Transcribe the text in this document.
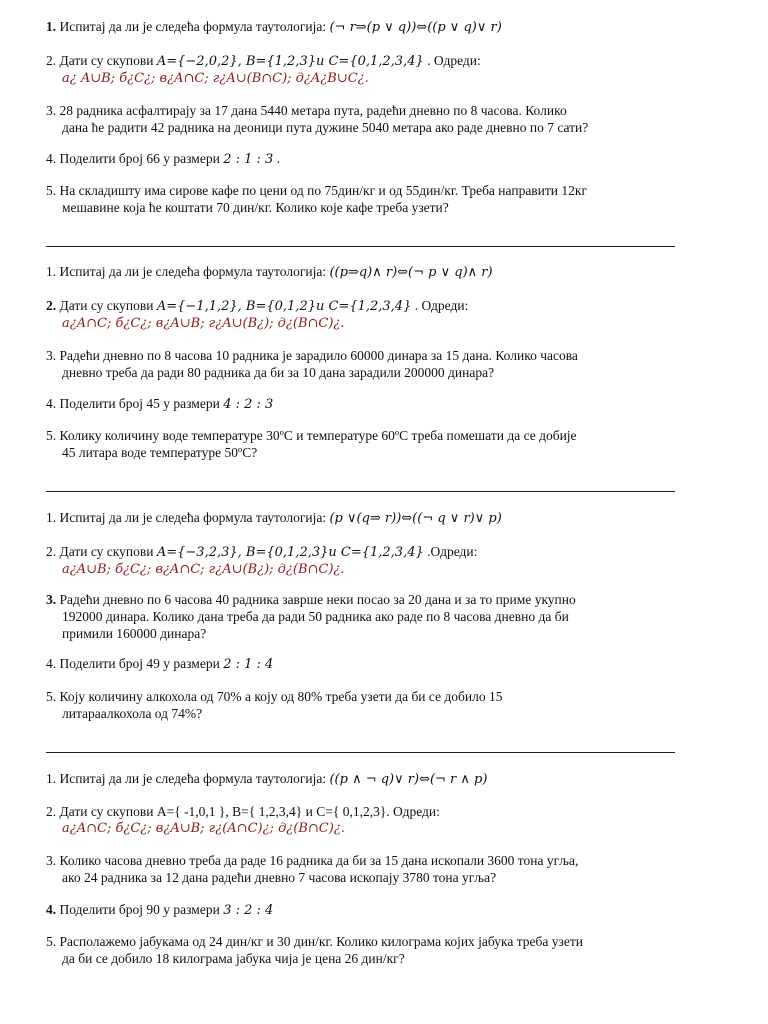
1. Испитај да ли је следећа формула таутологија: (¬ r⇒(p ∨ q))⇔((p ∨ q)∨ r)
2. Дати су скупови A={−2,0,2}, B={1,2,3}и C={0,1,2,3,4} . Одреди:
a¿ A∪B; б¿C¿; в¿A∩C; г¿A∪(B∩C); д¿A¿B∪C¿.
3. 28 радника асфалтирају за 17 дана 5440 метара пута, радећи дневно по 8 часова. Колико
дана ће радити 42 радника на деоници пута дужине 5040 метара ако раде дневно по 7 сати?
4. Поделити број 66 у размери 2 : 1 : 3 .
5. На складишту има сирове кафе по цени од по 75дин/кг и од 55дин/кг. Треба направити 12кг
мешавине која ће коштати 70 дин/кг. Колико које кафе треба узети?
1. Испитај да ли је следећа формула таутологија: ((p⇒q)∧ r)⇔(¬ p ∨ q)∧ r)
2. Дати су скупови A={−1,1,2}, B={0,1,2}и C={1,2,3,4} . Одреди:
a¿A∩C; б¿C¿; в¿A∪B; г¿A∪(B¿); д¿(B∩C)¿.
3. Радећи дневно по 8 часова 10 радника је зарадило 60000 динара за 15 дана. Колико часова
дневно треба да ради 80 радника да би за 10 дана зарадили 200000 динара?
4. Поделити број 45 у размери 4 : 2 : 3
5. Колику количину воде температуре 30ºC и температуре 60ºC треба помешати да се добије
45 литара воде температуре 50ºC?
1. Испитај да ли је следећа формула таутологија: (p ∨(q⇒ r))⇔((¬ q ∨ r)∨ p)
2. Дати су скупови A={−3,2,3}, B={0,1,2,3}и C={1,2,3,4} .Одреди:
a¿A∪B; б¿C¿; в¿A∩C; г¿A∪(B¿); д¿(B∩C)¿.
3. Радећи дневно по 6 часова 40 радника заврше неки посао за 20 дана и за то приме укупно
192000 динара. Колико дана треба да ради 50 радника ако раде по 8 часова дневно да би
примили 160000 динара?
4. Поделити број 49 у размери 2 : 1 : 4
5. Коју количину алкохола од 70% а коју од 80% треба узети да би се добило 15
литараалкохола од 74%?
1. Испитај да ли је следећа формула таутологија: ((p ∧ ¬ q)∨ r)⇔(¬ r ∧ p)
2. Дати су скупови А={ -1,0,1 }, В={ 1,2,3,4} и С={ 0,1,2,3}. Одреди:
a¿A∩C; б¿C¿; в¿A∪B; г¿(A∩C)¿; д¿(B∩C)¿.
3. Колико часова дневно треба да раде 16 радника да би за 15 дана ископали 3600 тона угља,
ако 24 радника за 12 дана радећи дневно 7 часова ископају 3780 тона угља?
4. Поделити број 90 у размери 3 : 2 : 4
5. Располажемо јабукама од 24 дин/кг и 30 дин/кг. Колико килограма којих јабука треба узети
да би се добило 18 килограма јабука чија је цена 26 дин/кг?
